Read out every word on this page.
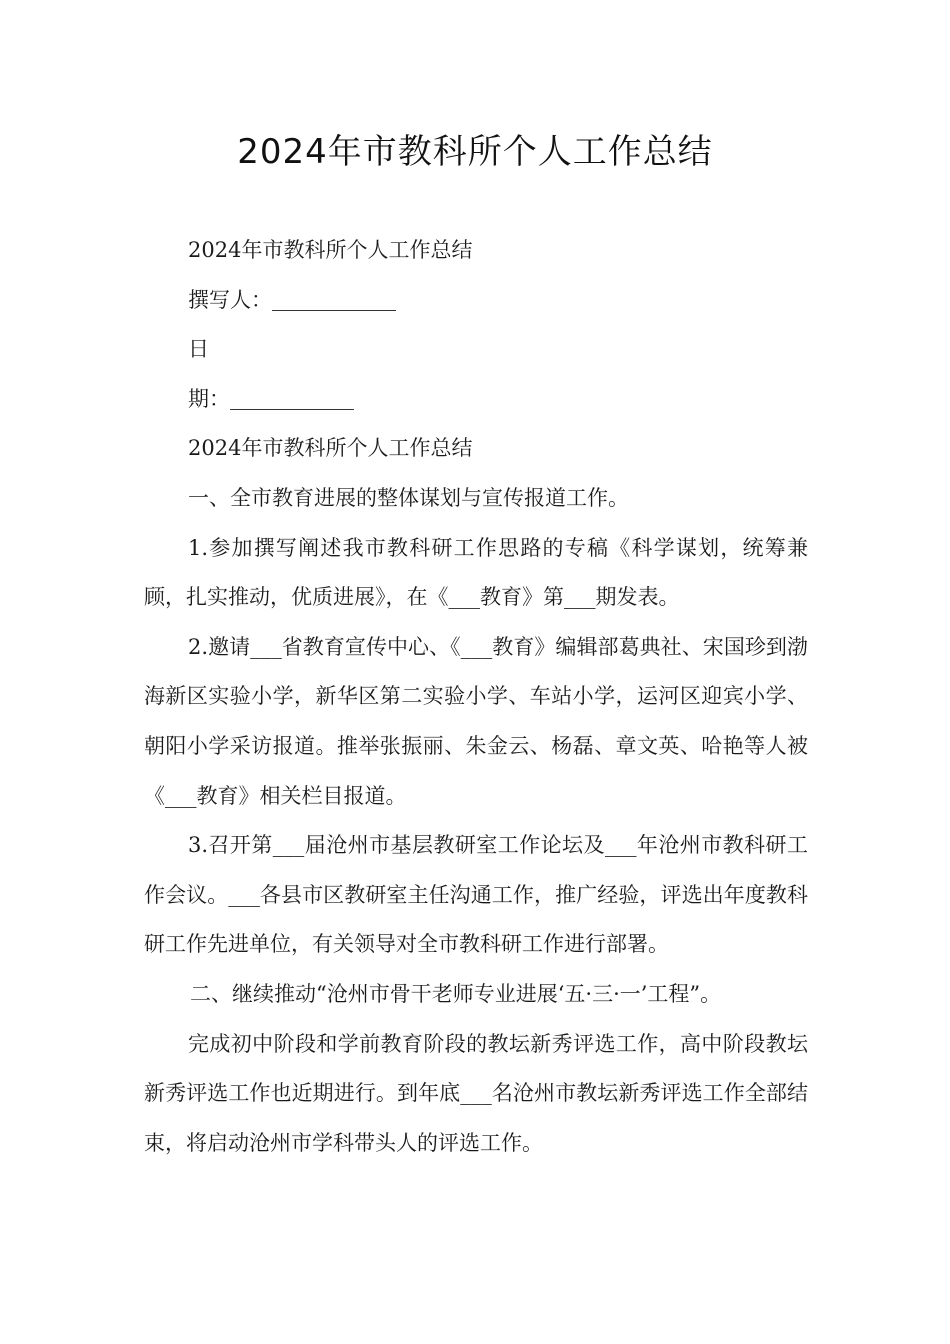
2024年市教科所个人工作总结

2024年市教科所个人工作总结

撰写人：

日

期：

2024年市教科所个人工作总结

一、全市教育进展的整体谋划与宣传报道工作。

1.参加撰写阐述我市教科研工作思路的专稿《科学谋划，统筹兼顾，扎实推动，优质进展》，在《___教育》第___期发表。

2.邀请___省教育宣传中心、《___教育》编辑部葛典社、宋国珍到渤海新区实验小学，新华区第二实验小学、车站小学，运河区迎宾小学、朝阳小学采访报道。推举张振丽、朱金云、杨磊、章文英、哈艳等人被《___教育》相关栏目报道。

3.召开第___届沧州市基层教研室工作论坛及___年沧州市教科研工作会议。___各县市区教研室主任沟通工作，推广经验，评选出年度教科研工作先进单位，有关领导对全市教科研工作进行部署。

二、继续推动“沧州市骨干老师专业进展‘五·三·一’工程”。

完成初中阶段和学前教育阶段的教坛新秀评选工作，高中阶段教坛新秀评选工作也近期进行。到年底___名沧州市教坛新秀评选工作全部结束，将启动沧州市学科带头人的评选工作。
